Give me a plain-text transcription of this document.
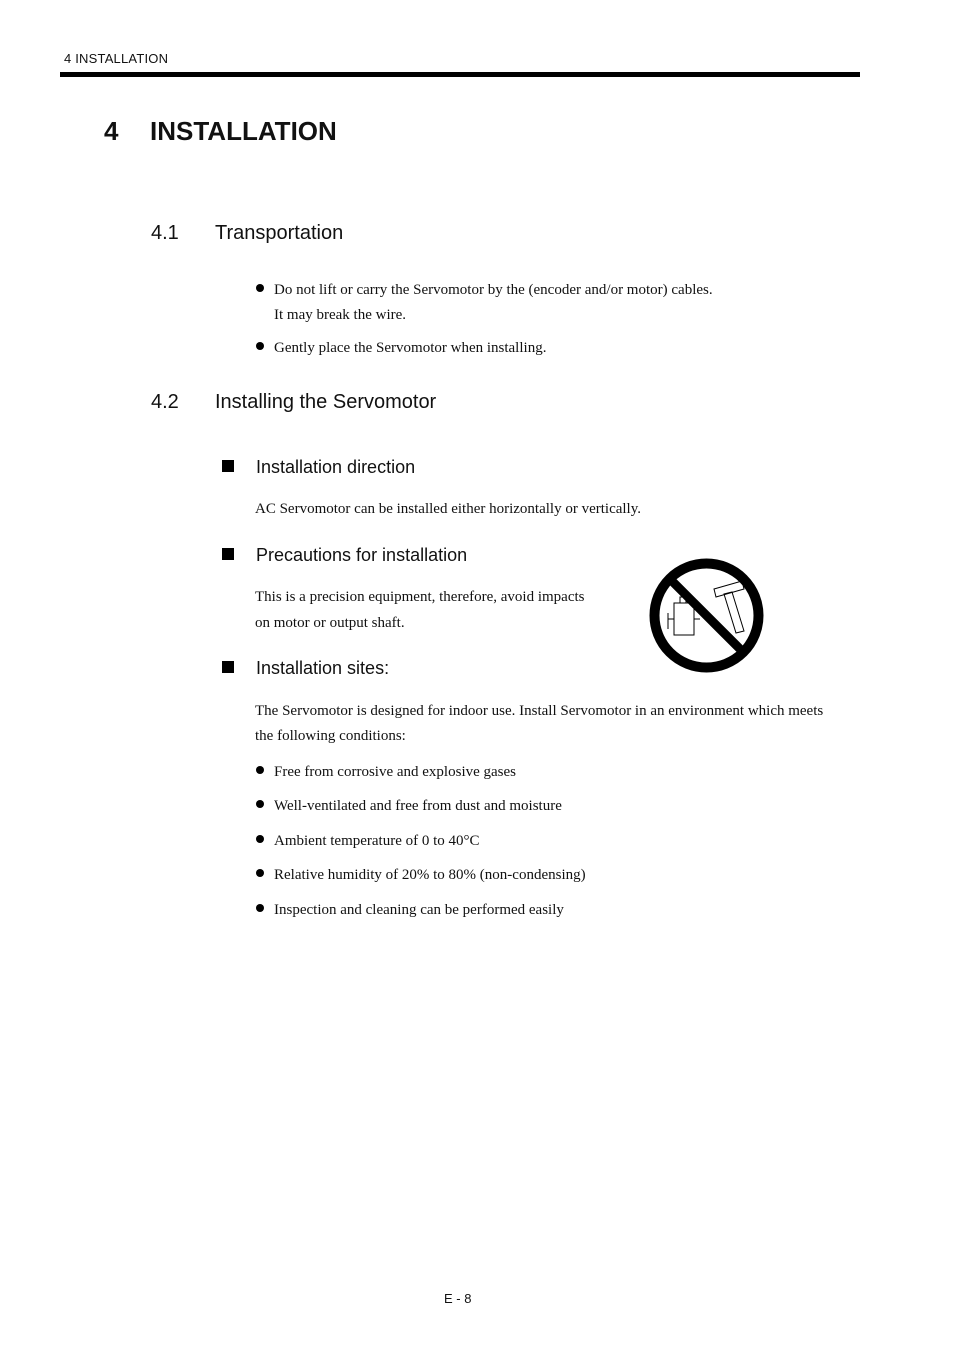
4 INSTALLATION
4 INSTALLATION
4.1 Transportation
Do not lift or carry the Servomotor by the (encoder and/or motor) cables.
It may break the wire.
Gently place the Servomotor when installing.
4.2 Installing the Servomotor
Installation direction
AC Servomotor can be installed either horizontally or vertically.
Precautions for installation
This is a precision equipment, therefore, avoid impacts
on motor or output shaft.
Installation sites:
The Servomotor is designed for indoor use. Install Servomotor in an environment which meets
the following conditions:
Free from corrosive and explosive gases
Well-ventilated and free from dust and moisture
Ambient temperature of 0 to 40°C
Relative humidity of 20% to 80% (non-condensing)
Inspection and cleaning can be performed easily
E - 8
